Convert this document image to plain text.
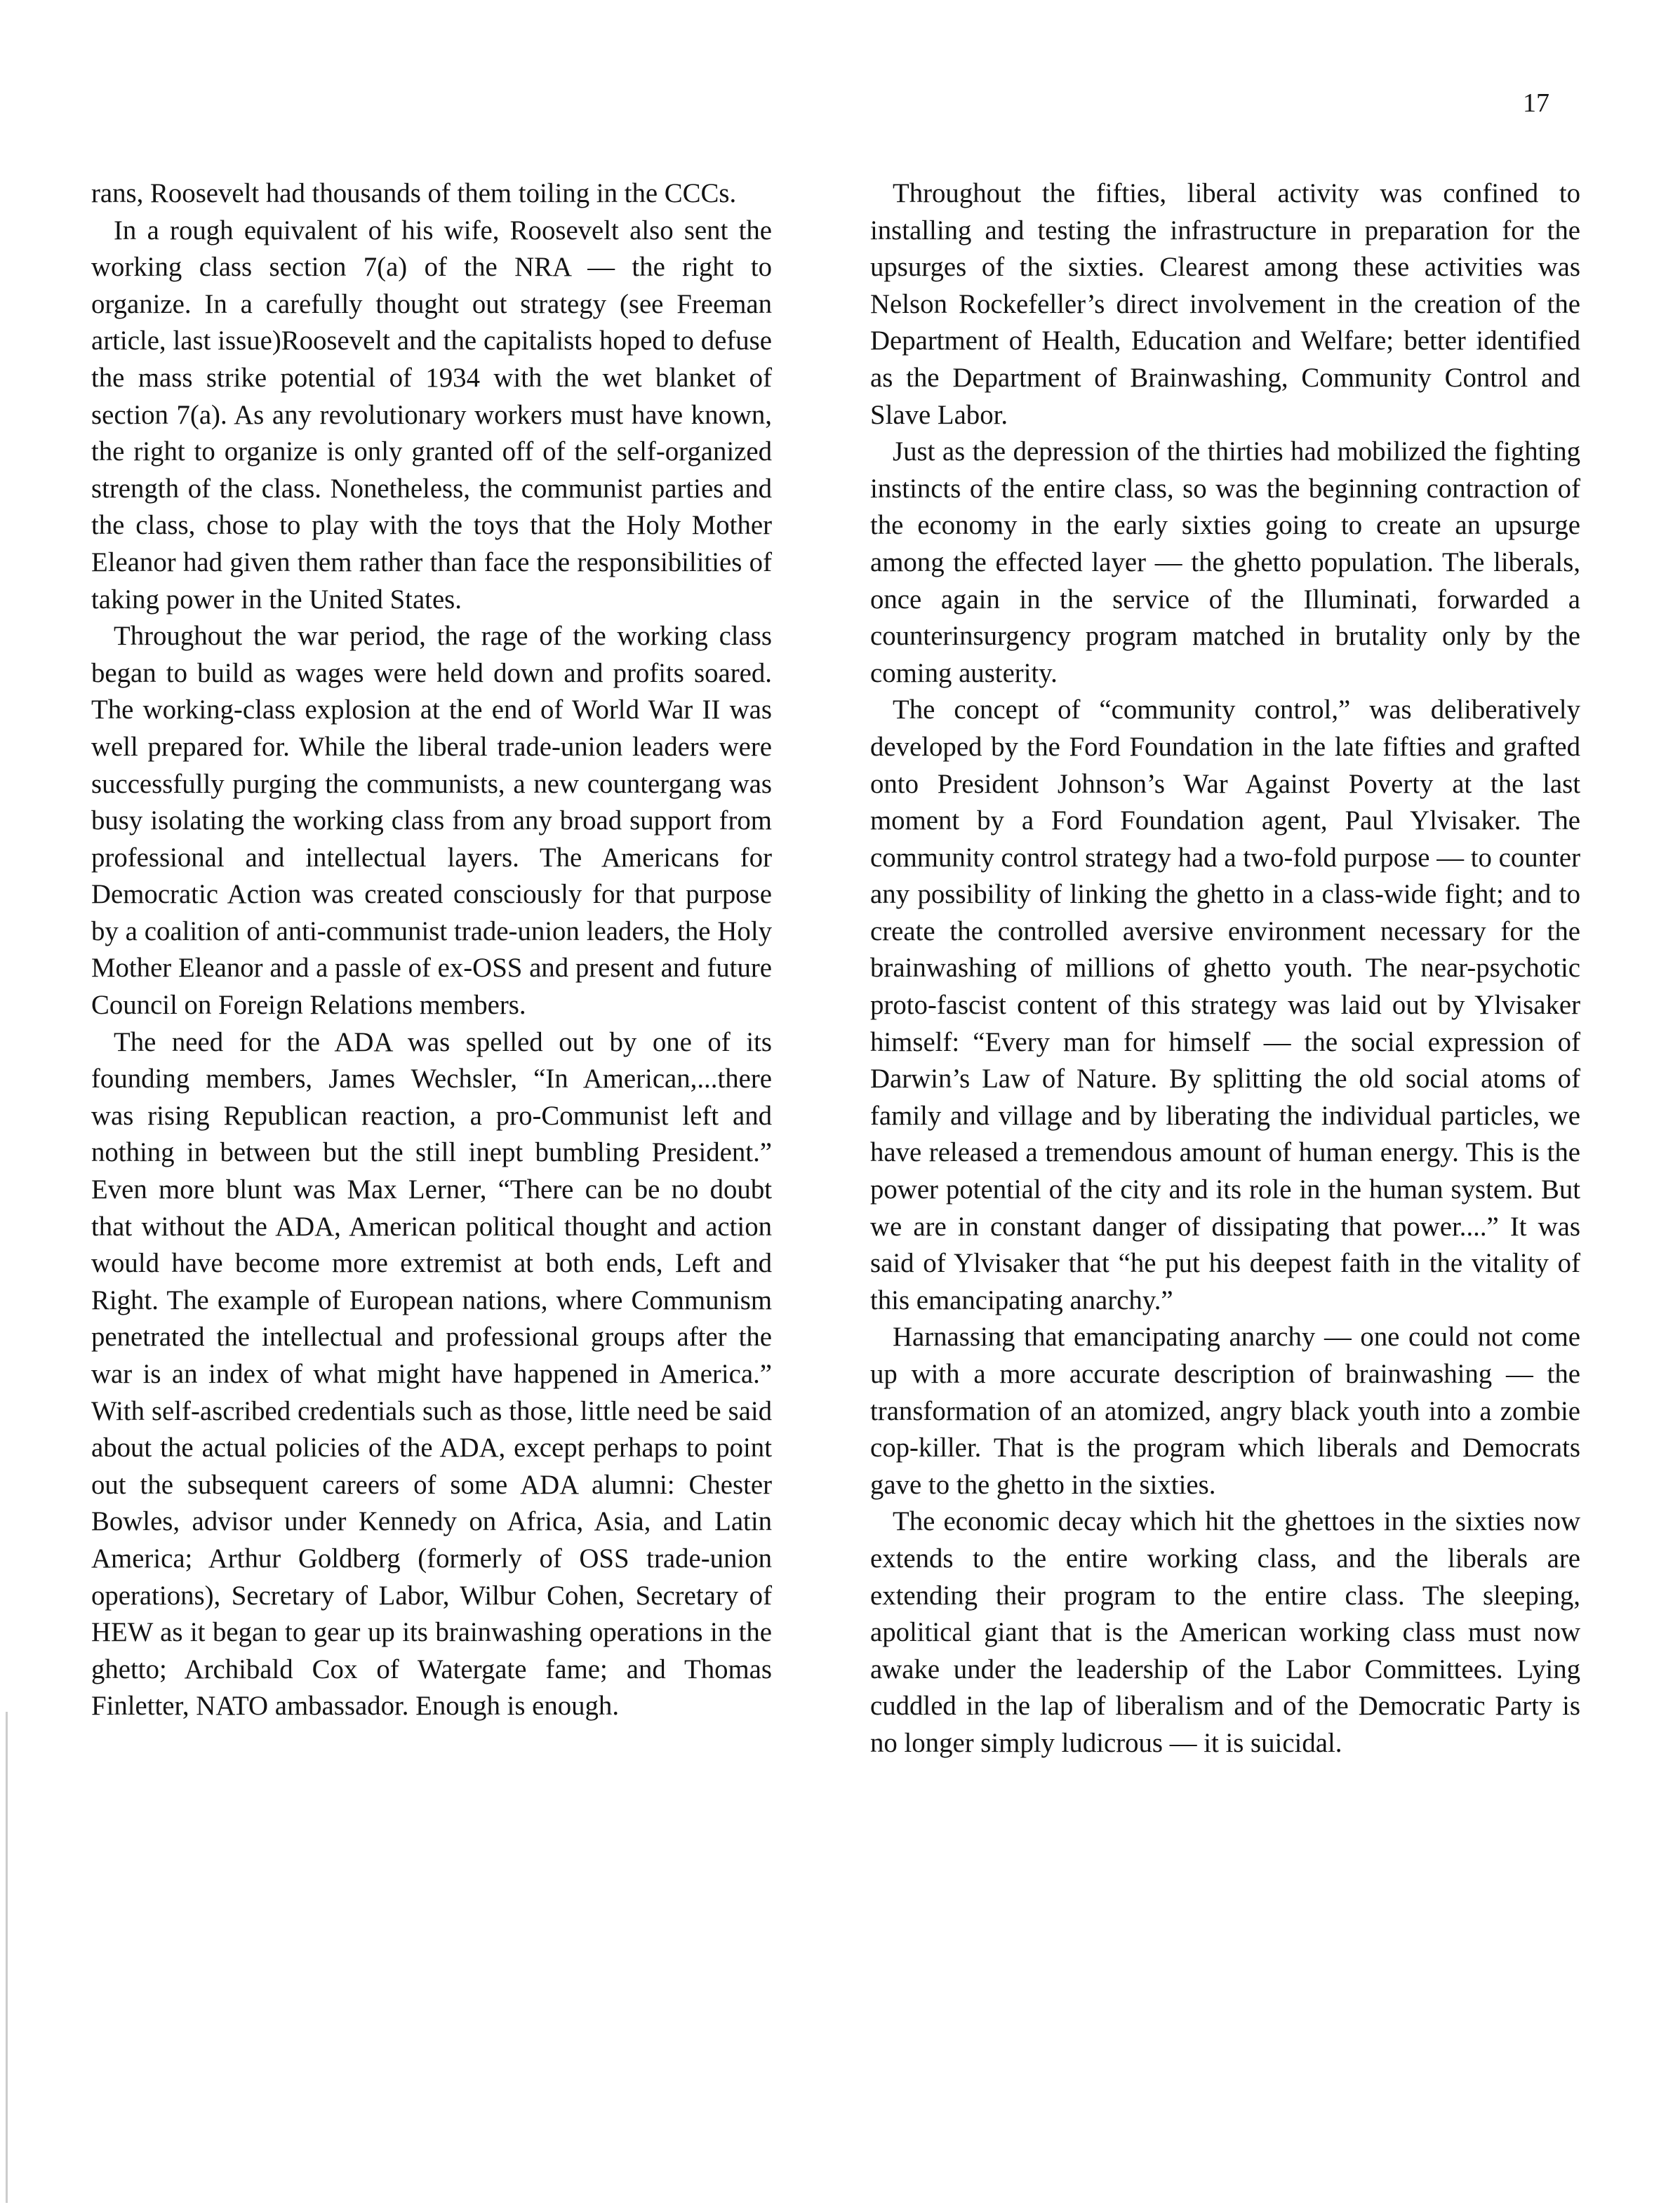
17

rans, Roosevelt had thousands of them toiling in the CCCs.

In a rough equivalent of his wife, Roosevelt also sent the working class section 7(a) of the NRA — the right to organize. In a carefully thought out strategy (see Freeman article, last issue)Roosevelt and the capitalists hoped to defuse the mass strike potential of 1934 with the wet blanket of section 7(a). As any revolutionary workers must have known, the right to organize is only granted off of the self-organized strength of the class. Nonetheless, the communist parties and the class, chose to play with the toys that the Holy Mother Eleanor had given them rather than face the responsibilities of taking power in the United States.

Throughout the war period, the rage of the working class began to build as wages were held down and profits soared. The working-class explosion at the end of World War II was well prepared for. While the liberal trade-union leaders were successfully purging the communists, a new countergang was busy isolating the working class from any broad support from professional and intellectual layers. The Americans for Democratic Action was created consciously for that purpose by a coalition of anti-communist trade-union leaders, the Holy Mother Eleanor and a passle of ex-OSS and present and future Council on Foreign Relations members.

The need for the ADA was spelled out by one of its founding members, James Wechsler, “In American,...there was rising Republican reaction, a pro-Communist left and nothing in between but the still inept bumbling President.” Even more blunt was Max Lerner, “There can be no doubt that without the ADA, American political thought and action would have become more extremist at both ends, Left and Right. The example of European nations, where Communism penetrated the intellectual and professional groups after the war is an index of what might have happened in America.” With self-ascribed credentials such as those, little need be said about the actual policies of the ADA, except perhaps to point out the subsequent careers of some ADA alumni: Chester Bowles, advisor under Kennedy on Africa, Asia, and Latin America; Arthur Goldberg (formerly of OSS trade-union operations), Secretary of Labor, Wilbur Cohen, Secretary of HEW as it began to gear up its brainwashing operations in the ghetto; Archibald Cox of Watergate fame; and Thomas Finletter, NATO ambassador. Enough is enough.

Throughout the fifties, liberal activity was confined to installing and testing the infrastructure in preparation for the upsurges of the sixties. Clearest among these activities was Nelson Rockefeller’s direct involvement in the creation of the Department of Health, Education and Welfare; better identified as the Department of Brainwashing, Community Control and Slave Labor.

Just as the depression of the thirties had mobilized the fighting instincts of the entire class, so was the beginning contraction of the economy in the early sixties going to create an upsurge among the effected layer — the ghetto population. The liberals, once again in the service of the Illuminati, forwarded a counterinsurgency program matched in brutality only by the coming austerity.

The concept of “community control,” was deliberatively developed by the Ford Foundation in the late fifties and grafted onto President Johnson’s War Against Poverty at the last moment by a Ford Foundation agent, Paul Ylvisaker. The community control strategy had a two-fold purpose — to counter any possibility of linking the ghetto in a class-wide fight; and to create the controlled aversive environment necessary for the brainwashing of millions of ghetto youth. The near-psychotic proto-fascist content of this strategy was laid out by Ylvisaker himself: “Every man for himself — the social expression of Darwin’s Law of Nature. By splitting the old social atoms of family and village and by liberating the individual particles, we have released a tremendous amount of human energy. This is the power potential of the city and its role in the human system. But we are in constant danger of dissipating that power....” It was said of Ylvisaker that “he put his deepest faith in the vitality of this emancipating anarchy.”

Harnassing that emancipating anarchy — one could not come up with a more accurate description of brainwashing — the transformation of an atomized, angry black youth into a zombie cop-killer. That is the program which liberals and Democrats gave to the ghetto in the sixties.

The economic decay which hit the ghettoes in the sixties now extends to the entire working class, and the liberals are extending their program to the entire class. The sleeping, apolitical giant that is the American working class must now awake under the leadership of the Labor Committees. Lying cuddled in the lap of liberalism and of the Democratic Party is no longer simply ludicrous — it is suicidal.
